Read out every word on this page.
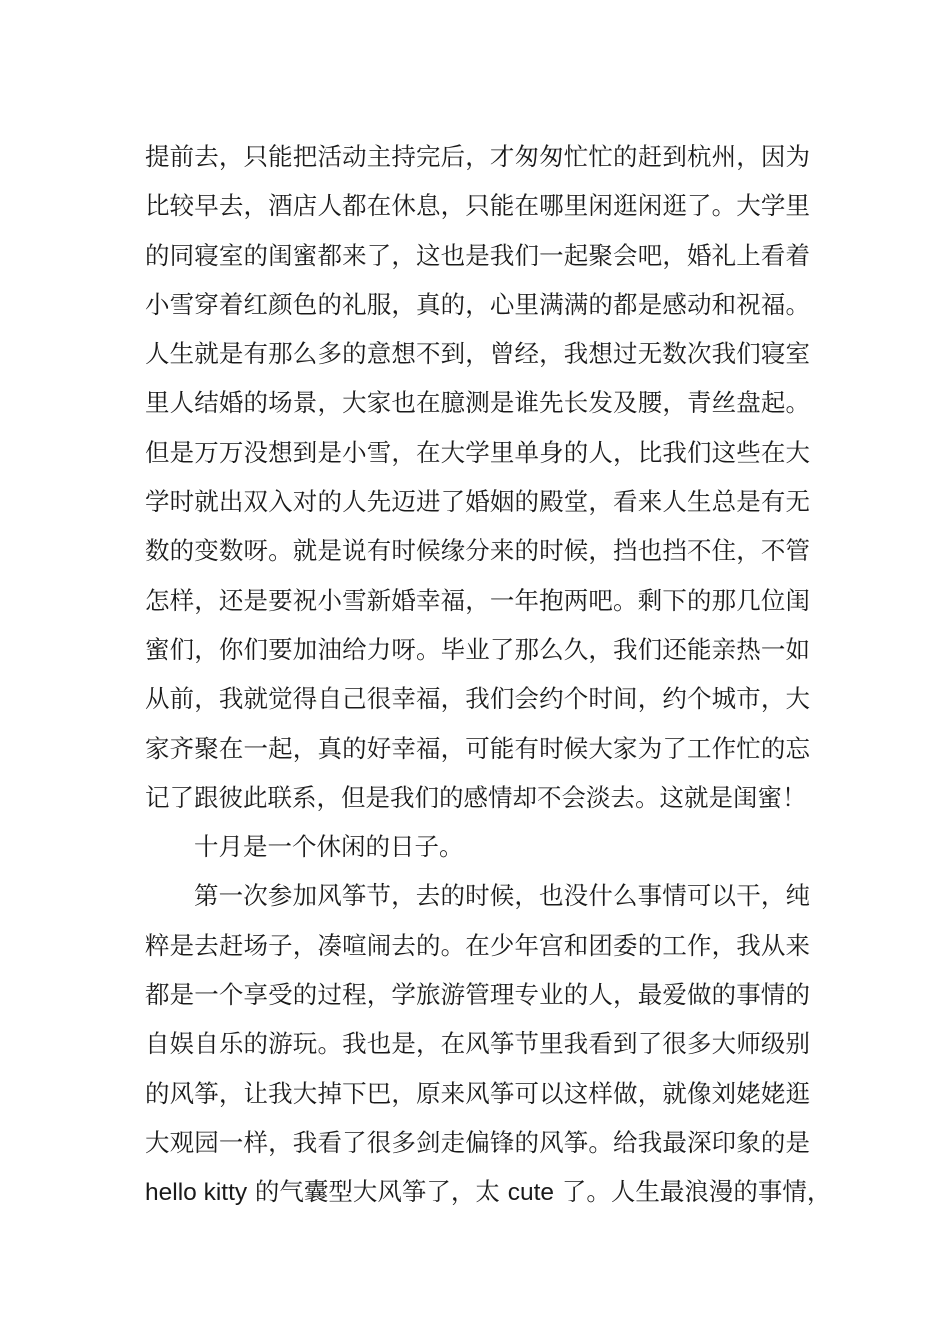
提前去，只能把活动主持完后，才匆匆忙忙的赶到杭州，因为
比较早去，酒店人都在休息，只能在哪里闲逛闲逛了。大学里
的同寝室的闺蜜都来了，这也是我们一起聚会吧，婚礼上看着
小雪穿着红颜色的礼服，真的，心里满满的都是感动和祝福。
人生就是有那么多的意想不到，曾经，我想过无数次我们寝室
里人结婚的场景，大家也在臆测是谁先长发及腰，青丝盘起。
但是万万没想到是小雪，在大学里单身的人，比我们这些在大
学时就出双入对的人先迈进了婚姻的殿堂，看来人生总是有无
数的变数呀。就是说有时候缘分来的时候，挡也挡不住，不管
怎样，还是要祝小雪新婚幸福，一年抱两吧。剩下的那几位闺
蜜们，你们要加油给力呀。毕业了那么久，我们还能亲热一如
从前，我就觉得自己很幸福，我们会约个时间，约个城市，大
家齐聚在一起，真的好幸福，可能有时候大家为了工作忙的忘
记了跟彼此联系，但是我们的感情却不会淡去。这就是闺蜜！
十月是一个休闲的日子。
第一次参加风筝节，去的时候，也没什么事情可以干，纯
粹是去赶场子，凑喧闹去的。在少年宫和团委的工作，我从来
都是一个享受的过程，学旅游管理专业的人，最爱做的事情的
自娱自乐的游玩。我也是，在风筝节里我看到了很多大师级别
的风筝，让我大掉下巴，原来风筝可以这样做，就像刘姥姥逛
大观园一样，我看了很多剑走偏锋的风筝。给我最深印象的是
hello kitty 的气囊型大风筝了，太 cute 了。人生最浪漫的事情，
